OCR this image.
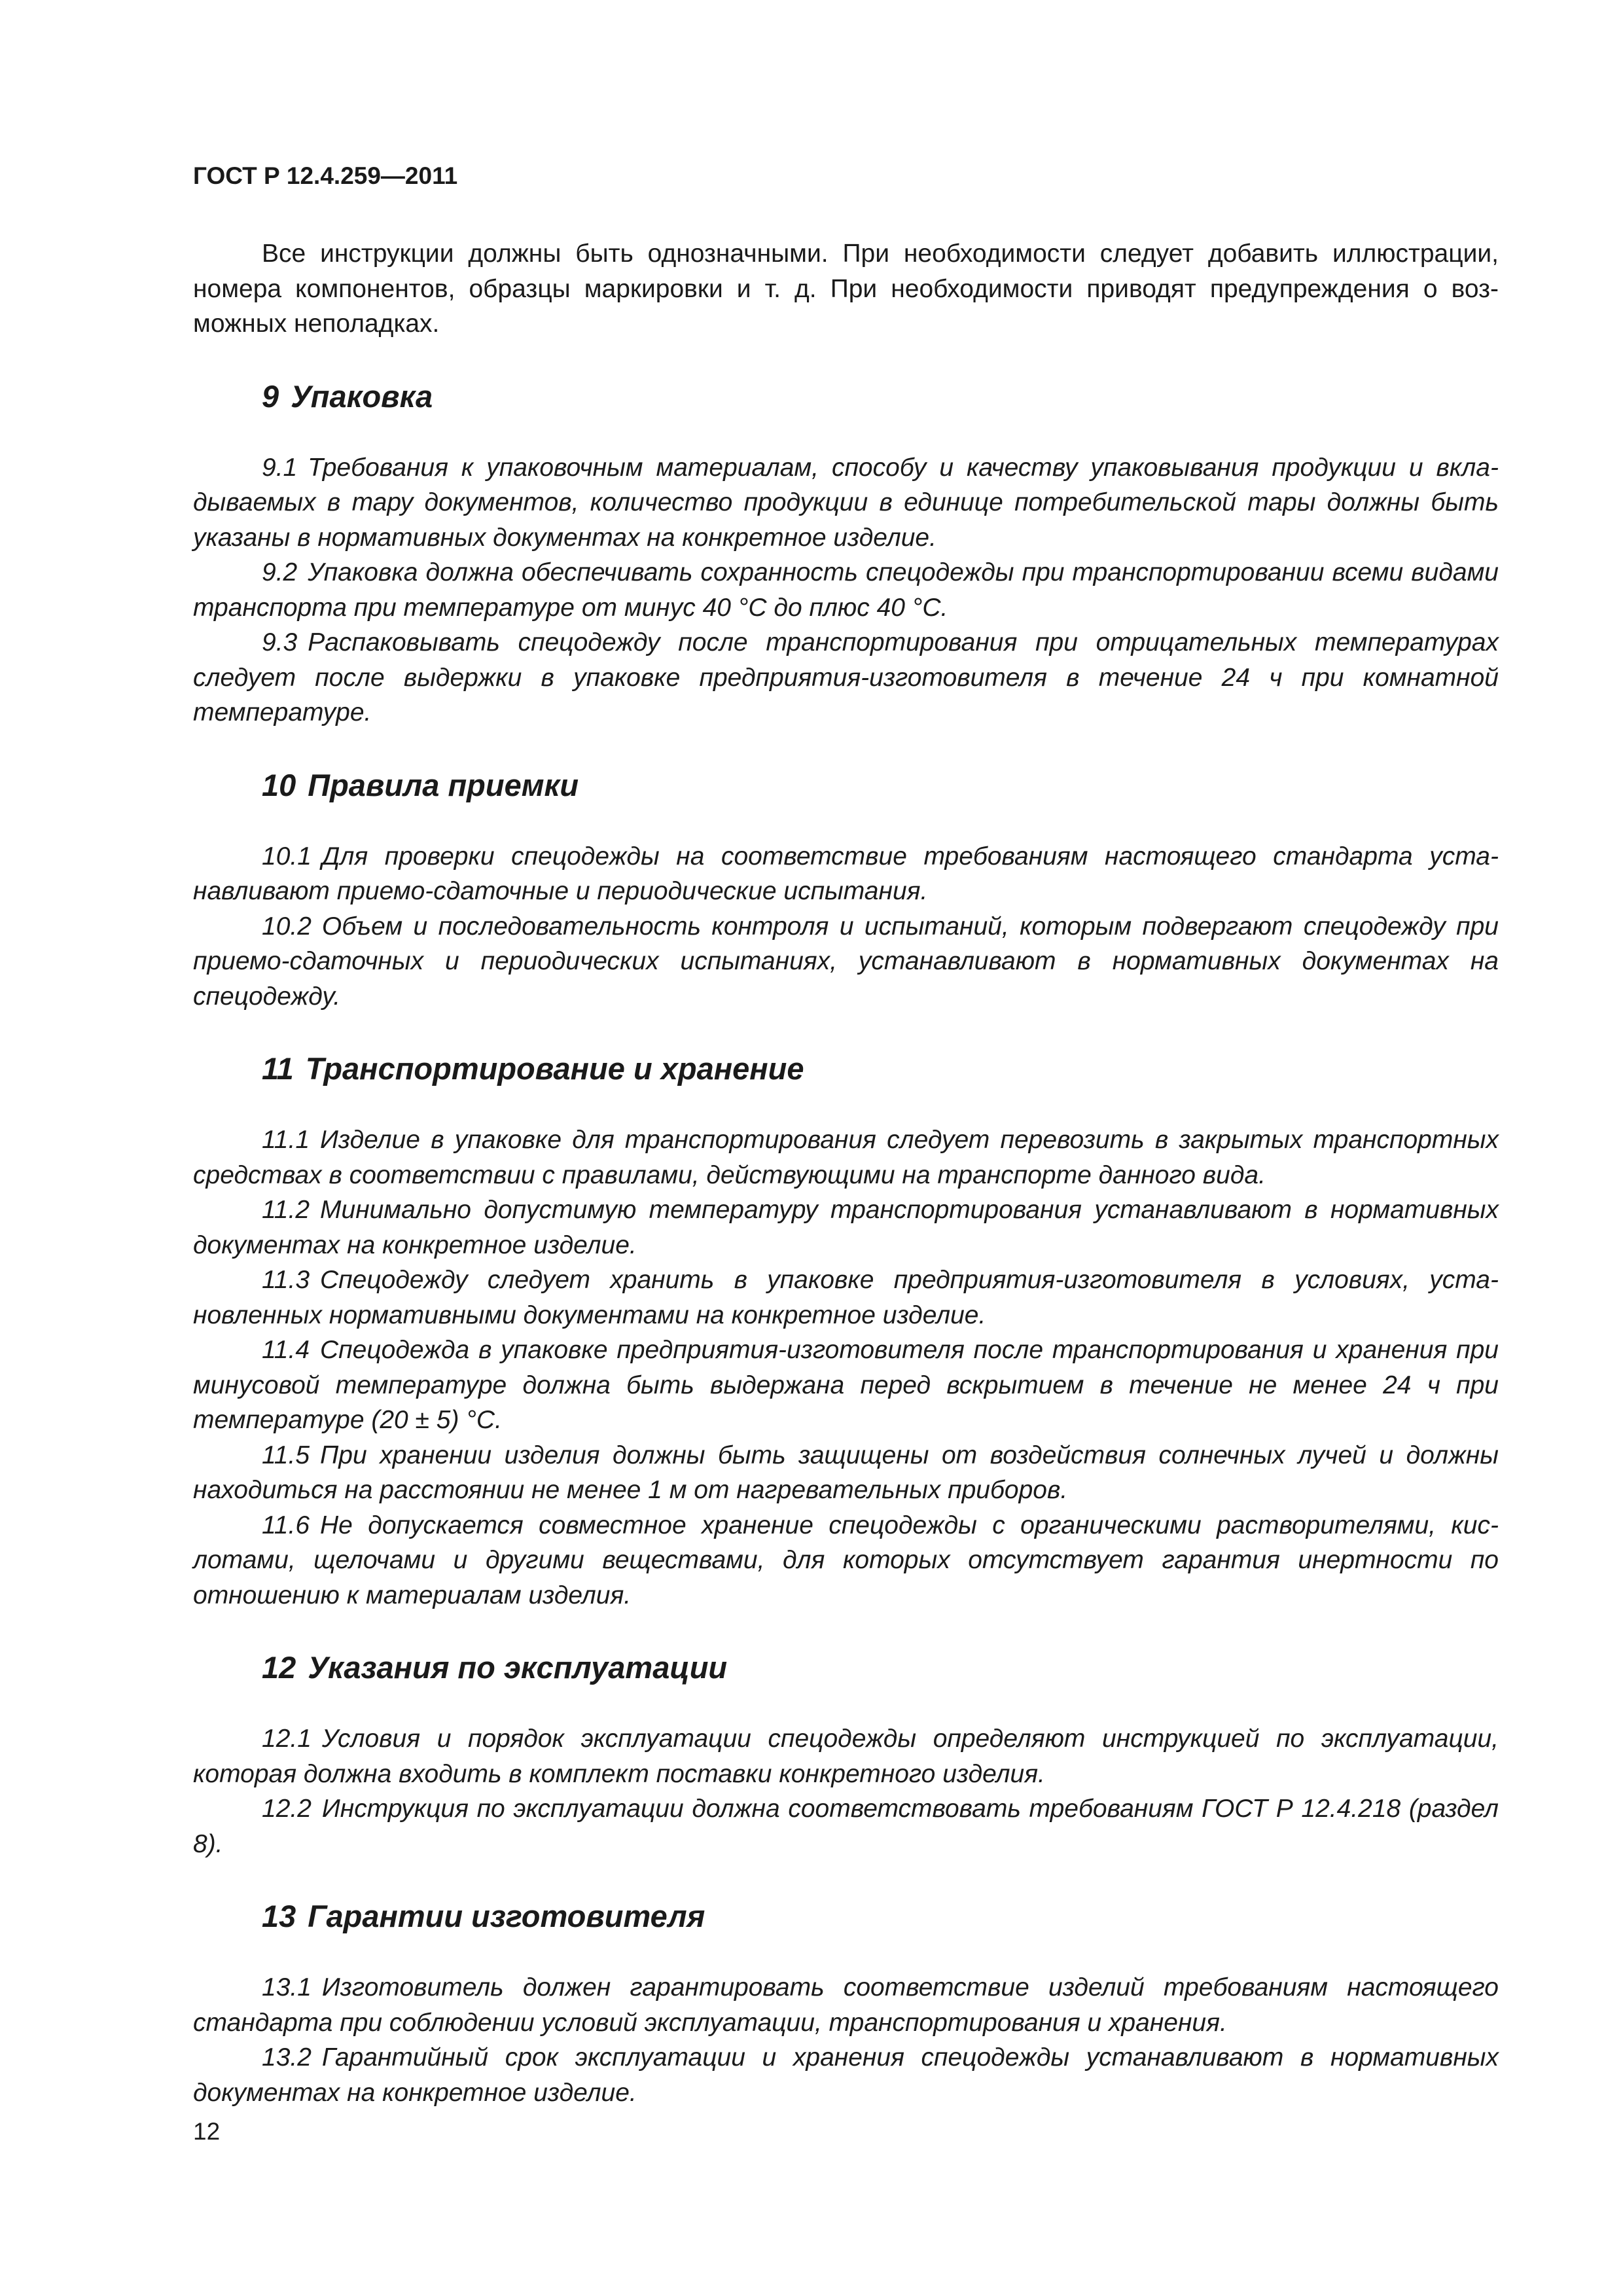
ГОСТ Р 12.4.259—2011

Все инструкции должны быть однозначными. При необходимости следует добавить иллюстрации, номера компонентов, образцы маркировки и т. д. При необходимости приводят предупреждения о возможных неполадках.

9 Упаковка

9.1 Требования к упаковочным материалам, способу и качеству упаковывания продукции и вкладываемых в тару документов, количество продукции в единице потребительской тары должны быть указаны в нормативных документах на конкретное изделие.

9.2 Упаковка должна обеспечивать сохранность спецодежды при транспортировании всеми видами транспорта при температуре от минус 40 °С до плюс 40 °С.

9.3 Распаковывать спецодежду после транспортирования при отрицательных температурах следует после выдержки в упаковке предприятия-изготовителя в течение 24 ч при комнатной температуре.

10 Правила приемки

10.1 Для проверки спецодежды на соответствие требованиям настоящего стандарта устанавливают приемо-сдаточные и периодические испытания.

10.2 Объем и последовательность контроля и испытаний, которым подвергают спецодежду при приемо-сдаточных и периодических испытаниях, устанавливают в нормативных документах на спецодежду.

11 Транспортирование и хранение

11.1 Изделие в упаковке для транспортирования следует перевозить в закрытых транспортных средствах в соответствии с правилами, действующими на транспорте данного вида.

11.2 Минимально допустимую температуру транспортирования устанавливают в нормативных документах на конкретное изделие.

11.3 Спецодежду следует хранить в упаковке предприятия-изготовителя в условиях, установленных нормативными документами на конкретное изделие.

11.4 Спецодежда в упаковке предприятия-изготовителя после транспортирования и хранения при минусовой температуре должна быть выдержана перед вскрытием в течение не менее 24 ч при температуре (20 ± 5) °С.

11.5 При хранении изделия должны быть защищены от воздействия солнечных лучей и должны находиться на расстоянии не менее 1 м от нагревательных приборов.

11.6 Не допускается совместное хранение спецодежды с органическими растворителями, кислотами, щелочами и другими веществами, для которых отсутствует гарантия инертности по отношению к материалам изделия.

12 Указания по эксплуатации

12.1 Условия и порядок эксплуатации спецодежды определяют инструкцией по эксплуатации, которая должна входить в комплект поставки конкретного изделия.

12.2 Инструкция по эксплуатации должна соответствовать требованиям ГОСТ Р 12.4.218 (раздел 8).

13 Гарантии изготовителя

13.1 Изготовитель должен гарантировать соответствие изделий требованиям настоящего стандарта при соблюдении условий эксплуатации, транспортирования и хранения.

13.2 Гарантийный срок эксплуатации и хранения спецодежды устанавливают в нормативных документах на конкретное изделие.

12
